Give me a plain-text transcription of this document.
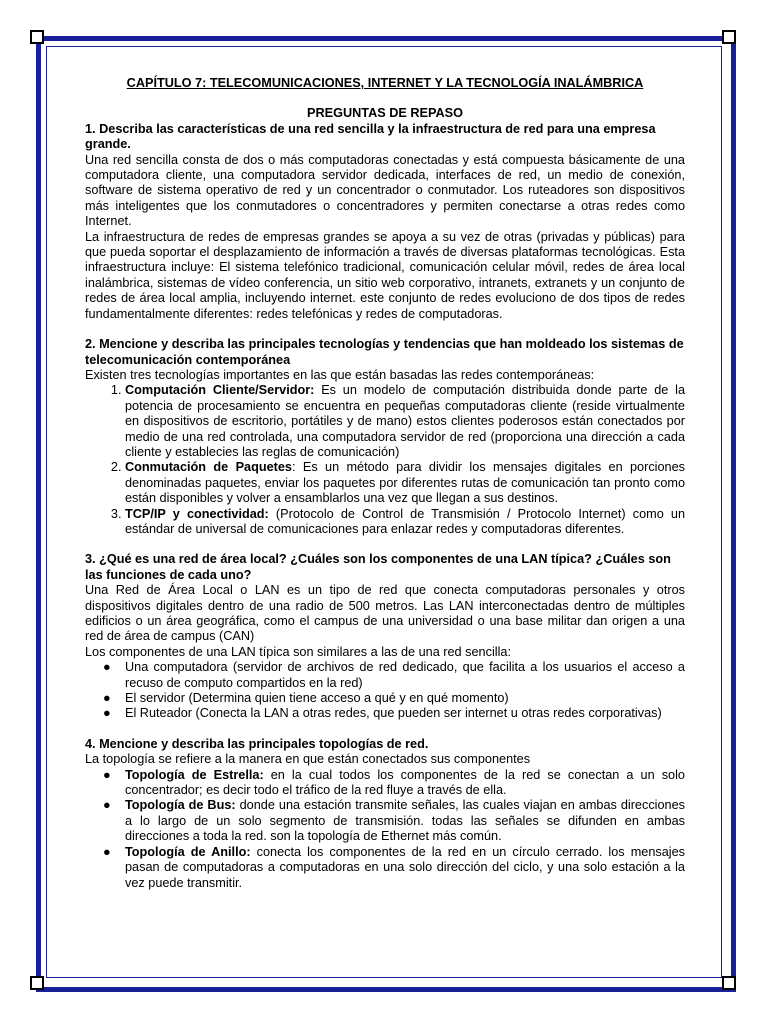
CAPÍTULO 7: TELECOMUNICACIONES, INTERNET Y LA TECNOLOGÍA INALÁMBRICA

PREGUNTAS DE REPASO

1. Describa las características de una red sencilla y la infraestructura de red para una empresa grande.

Una red sencilla consta de dos o más computadoras conectadas y está compuesta básicamente de una computadora cliente, una computadora servidor dedicada, interfaces de red, un medio de conexión, software de sistema operativo de red y un concentrador o conmutador. Los ruteadores son dispositivos más inteligentes que los conmutadores o concentradores y permiten conectarse a otras redes como Internet.

La infraestructura de redes de empresas grandes se apoya a su vez de otras (privadas y públicas) para que pueda soportar el desplazamiento de información a través de diversas plataformas tecnológicas. Esta infraestructura incluye: El sistema telefónico tradicional, comunicación celular móvil, redes de área local inalámbrica, sistemas de vídeo conferencia, un sitio web corporativo, intranets, extranets y un conjunto de redes de área local amplia, incluyendo internet. este conjunto de redes evoluciono de dos tipos de redes fundamentalmente diferentes: redes telefónicas y redes de computadoras.

2. Mencione y describa las principales tecnologías y tendencias que han moldeado los sistemas de telecomunicación contemporánea

Existen tres tecnologías importantes en las que están basadas las redes contemporáneas:

1. Computación Cliente/Servidor: Es un modelo de computación distribuida donde parte de la potencia de procesamiento se encuentra en pequeñas computadoras cliente (reside virtualmente en dispositivos de escritorio, portátiles y de mano) estos clientes poderosos están conectados por medio de una red controlada, una computadora servidor de red (proporciona una dirección a cada cliente y establecies las reglas de comunicación)
2. Conmutación de Paquetes: Es un método para dividir los mensajes digitales en porciones denominadas paquetes, enviar los paquetes por diferentes rutas de comunicación tan pronto como están disponibles y volver a ensamblarlos una vez que llegan a sus destinos.
3. TCP/IP y conectividad: (Protocolo de Control de Transmisión / Protocolo Internet) como un estándar de universal de comunicaciones para enlazar redes y computadoras diferentes.

3. ¿Qué es una red de área local? ¿Cuáles son los componentes de una LAN típica? ¿Cuáles son las funciones de cada uno?

Una Red de Área Local o LAN es un tipo de red que conecta computadoras personales y otros dispositivos digitales dentro de una radio de 500 metros. Las LAN interconectadas dentro de múltiples edificios o un área geográfica, como el campus de una universidad o una base militar dan origen a una red de área de campus (CAN)

Los componentes de una LAN típica son similares a las de una red sencilla:

● Una computadora (servidor de archivos de red dedicado, que facilita a los usuarios el acceso a recuso de computo compartidos en la red)
● El servidor (Determina quien tiene acceso a qué y en qué momento)
● El Ruteador (Conecta la LAN a otras redes, que pueden ser internet u otras redes corporativas)

4. Mencione y describa las principales topologías de red.

La topología se refiere a la manera en que están conectados sus componentes

● Topología de Estrella: en la cual todos los componentes de la red se conectan a un solo concentrador; es decir todo el tráfico de la red fluye a través de ella.
● Topología de Bus: donde una estación transmite señales, las cuales viajan en ambas direcciones a lo largo de un solo segmento de transmisión. todas las señales se difunden en ambas direcciones a toda la red. son la topología de Ethernet más común.
● Topología de Anillo: conecta los componentes de la red en un círculo cerrado. los mensajes pasan de computadoras a computadoras en una solo dirección del ciclo, y una solo estación a la vez puede transmitir.
